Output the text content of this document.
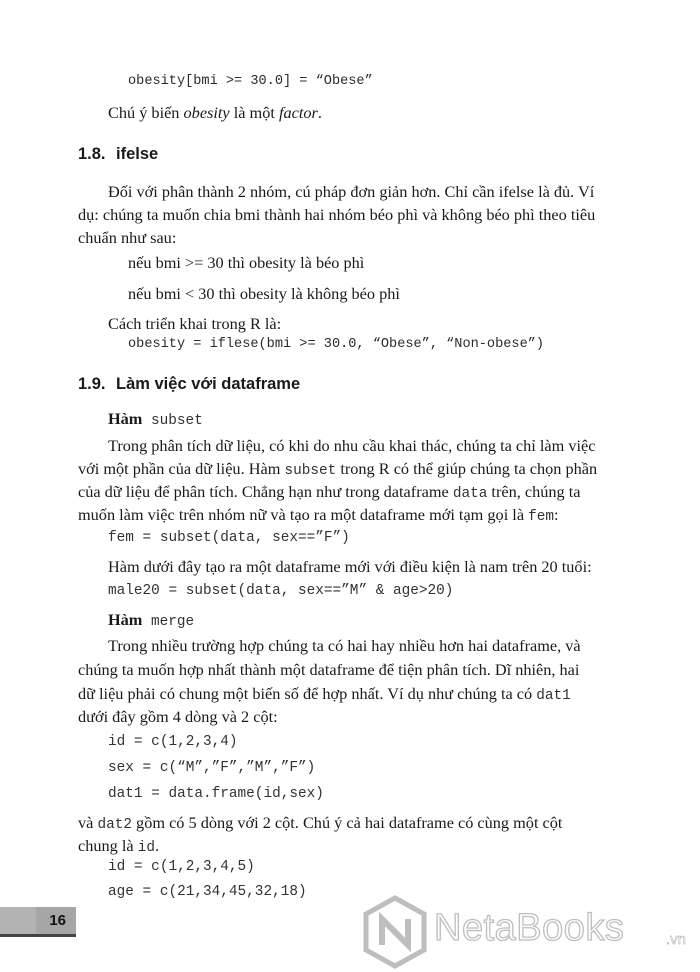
obesity[bmi >= 30.0] = “Obese”
Chú ý biến obesity là một factor.
1.8. ifelse
Đối với phân thành 2 nhóm, cú pháp đơn giản hơn. Chỉ cần ifelse là đủ. Ví
dụ: chúng ta muốn chia bmi thành hai nhóm béo phì và không béo phì theo tiêu
chuẩn như sau:
nếu bmi >= 30 thì obesity là béo phì
nếu bmi < 30 thì obesity là không béo phì
Cách triển khai trong R là:
obesity = iflese(bmi >= 30.0, “Obese”, “Non-obese”)
1.9. Làm việc với dataframe
Hàm subset
Trong phân tích dữ liệu, có khi do nhu cầu khai thác, chúng ta chỉ làm việc
với một phần của dữ liệu. Hàm subset trong R có thể giúp chúng ta chọn phần
của dữ liệu để phân tích. Chẳng hạn như trong dataframe data trên, chúng ta
muốn làm việc trên nhóm nữ và tạo ra một dataframe mới tạm gọi là fem:
fem = subset(data, sex==”F”)
Hàm dưới đây tạo ra một dataframe mới với điều kiện là nam trên 20 tuổi:
male20 = subset(data, sex==”M” & age>20)
Hàm merge
Trong nhiều trường hợp chúng ta có hai hay nhiều hơn hai dataframe, và
chúng ta muốn hợp nhất thành một dataframe để tiện phân tích. Dĩ nhiên, hai
dữ liệu phải có chung một biến số để hợp nhất. Ví dụ như chúng ta có dat1
dưới đây gồm 4 dòng và 2 cột:
id = c(1,2,3,4)
sex = c(“M”,”F”,”M”,”F”)
dat1 = data.frame(id,sex)
và dat2 gồm có 5 dòng với 2 cột. Chú ý cả hai dataframe có cùng một cột
chung là id.
id = c(1,2,3,4,5)
age = c(21,34,45,32,18)
16	NetaBooks	.vn
